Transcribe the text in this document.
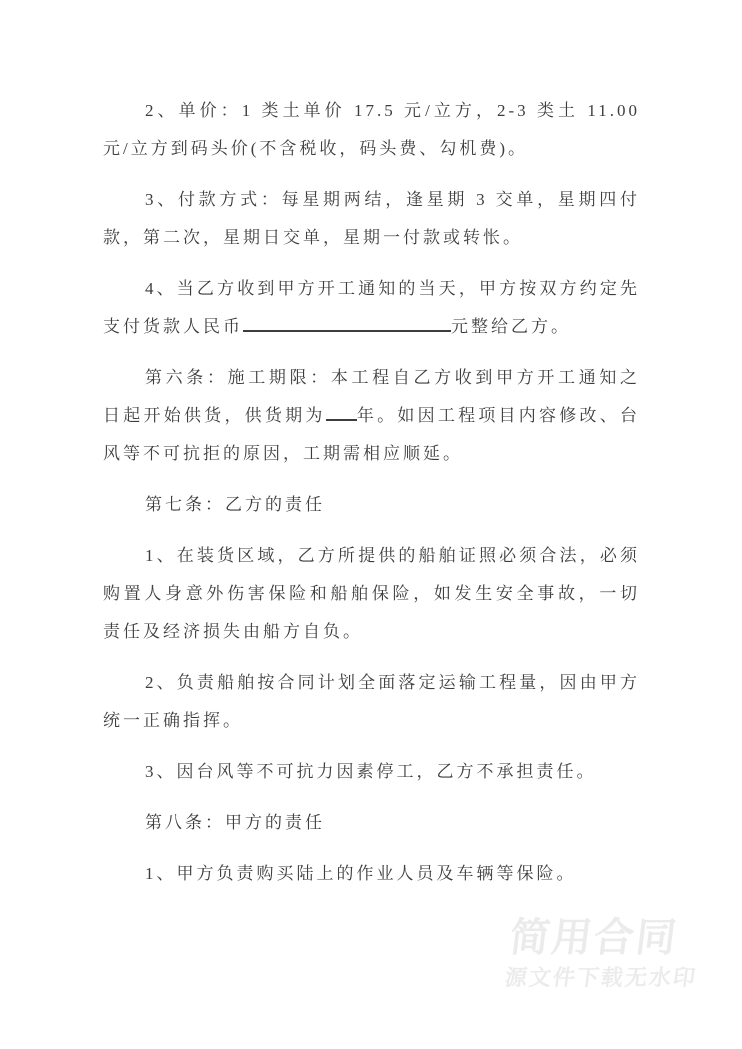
2、单价：1 类土单价 17.5 元/立方，2-3 类土 11.00 元/立方到码头价(不含税收，码头费、勾机费)。

3、付款方式：每星期两结，逢星期 3 交单，星期四付款，第二次，星期日交单，星期一付款或转怅。

4、当乙方收到甲方开工通知的当天，甲方按双方约定先支付货款人民币	元整给乙方。

第六条：施工期限：本工程自乙方收到甲方开工通知之日起开始供货，供货期为 年。如因工程项目内容修改、台风等不可抗拒的原因，工期需相应顺延。

第七条：乙方的责任

1、在装货区域，乙方所提供的船舶证照必须合法，必须购置人身意外伤害保险和船舶保险，如发生安全事故，一切责任及经济损失由船方自负。

2、负责船舶按合同计划全面落定运输工程量，因由甲方统一正确指挥。

3、因台风等不可抗力因素停工，乙方不承担责任。

第八条：甲方的责任

1、甲方负责购买陆上的作业人员及车辆等保险。

简用合同
源文件下载无水印
